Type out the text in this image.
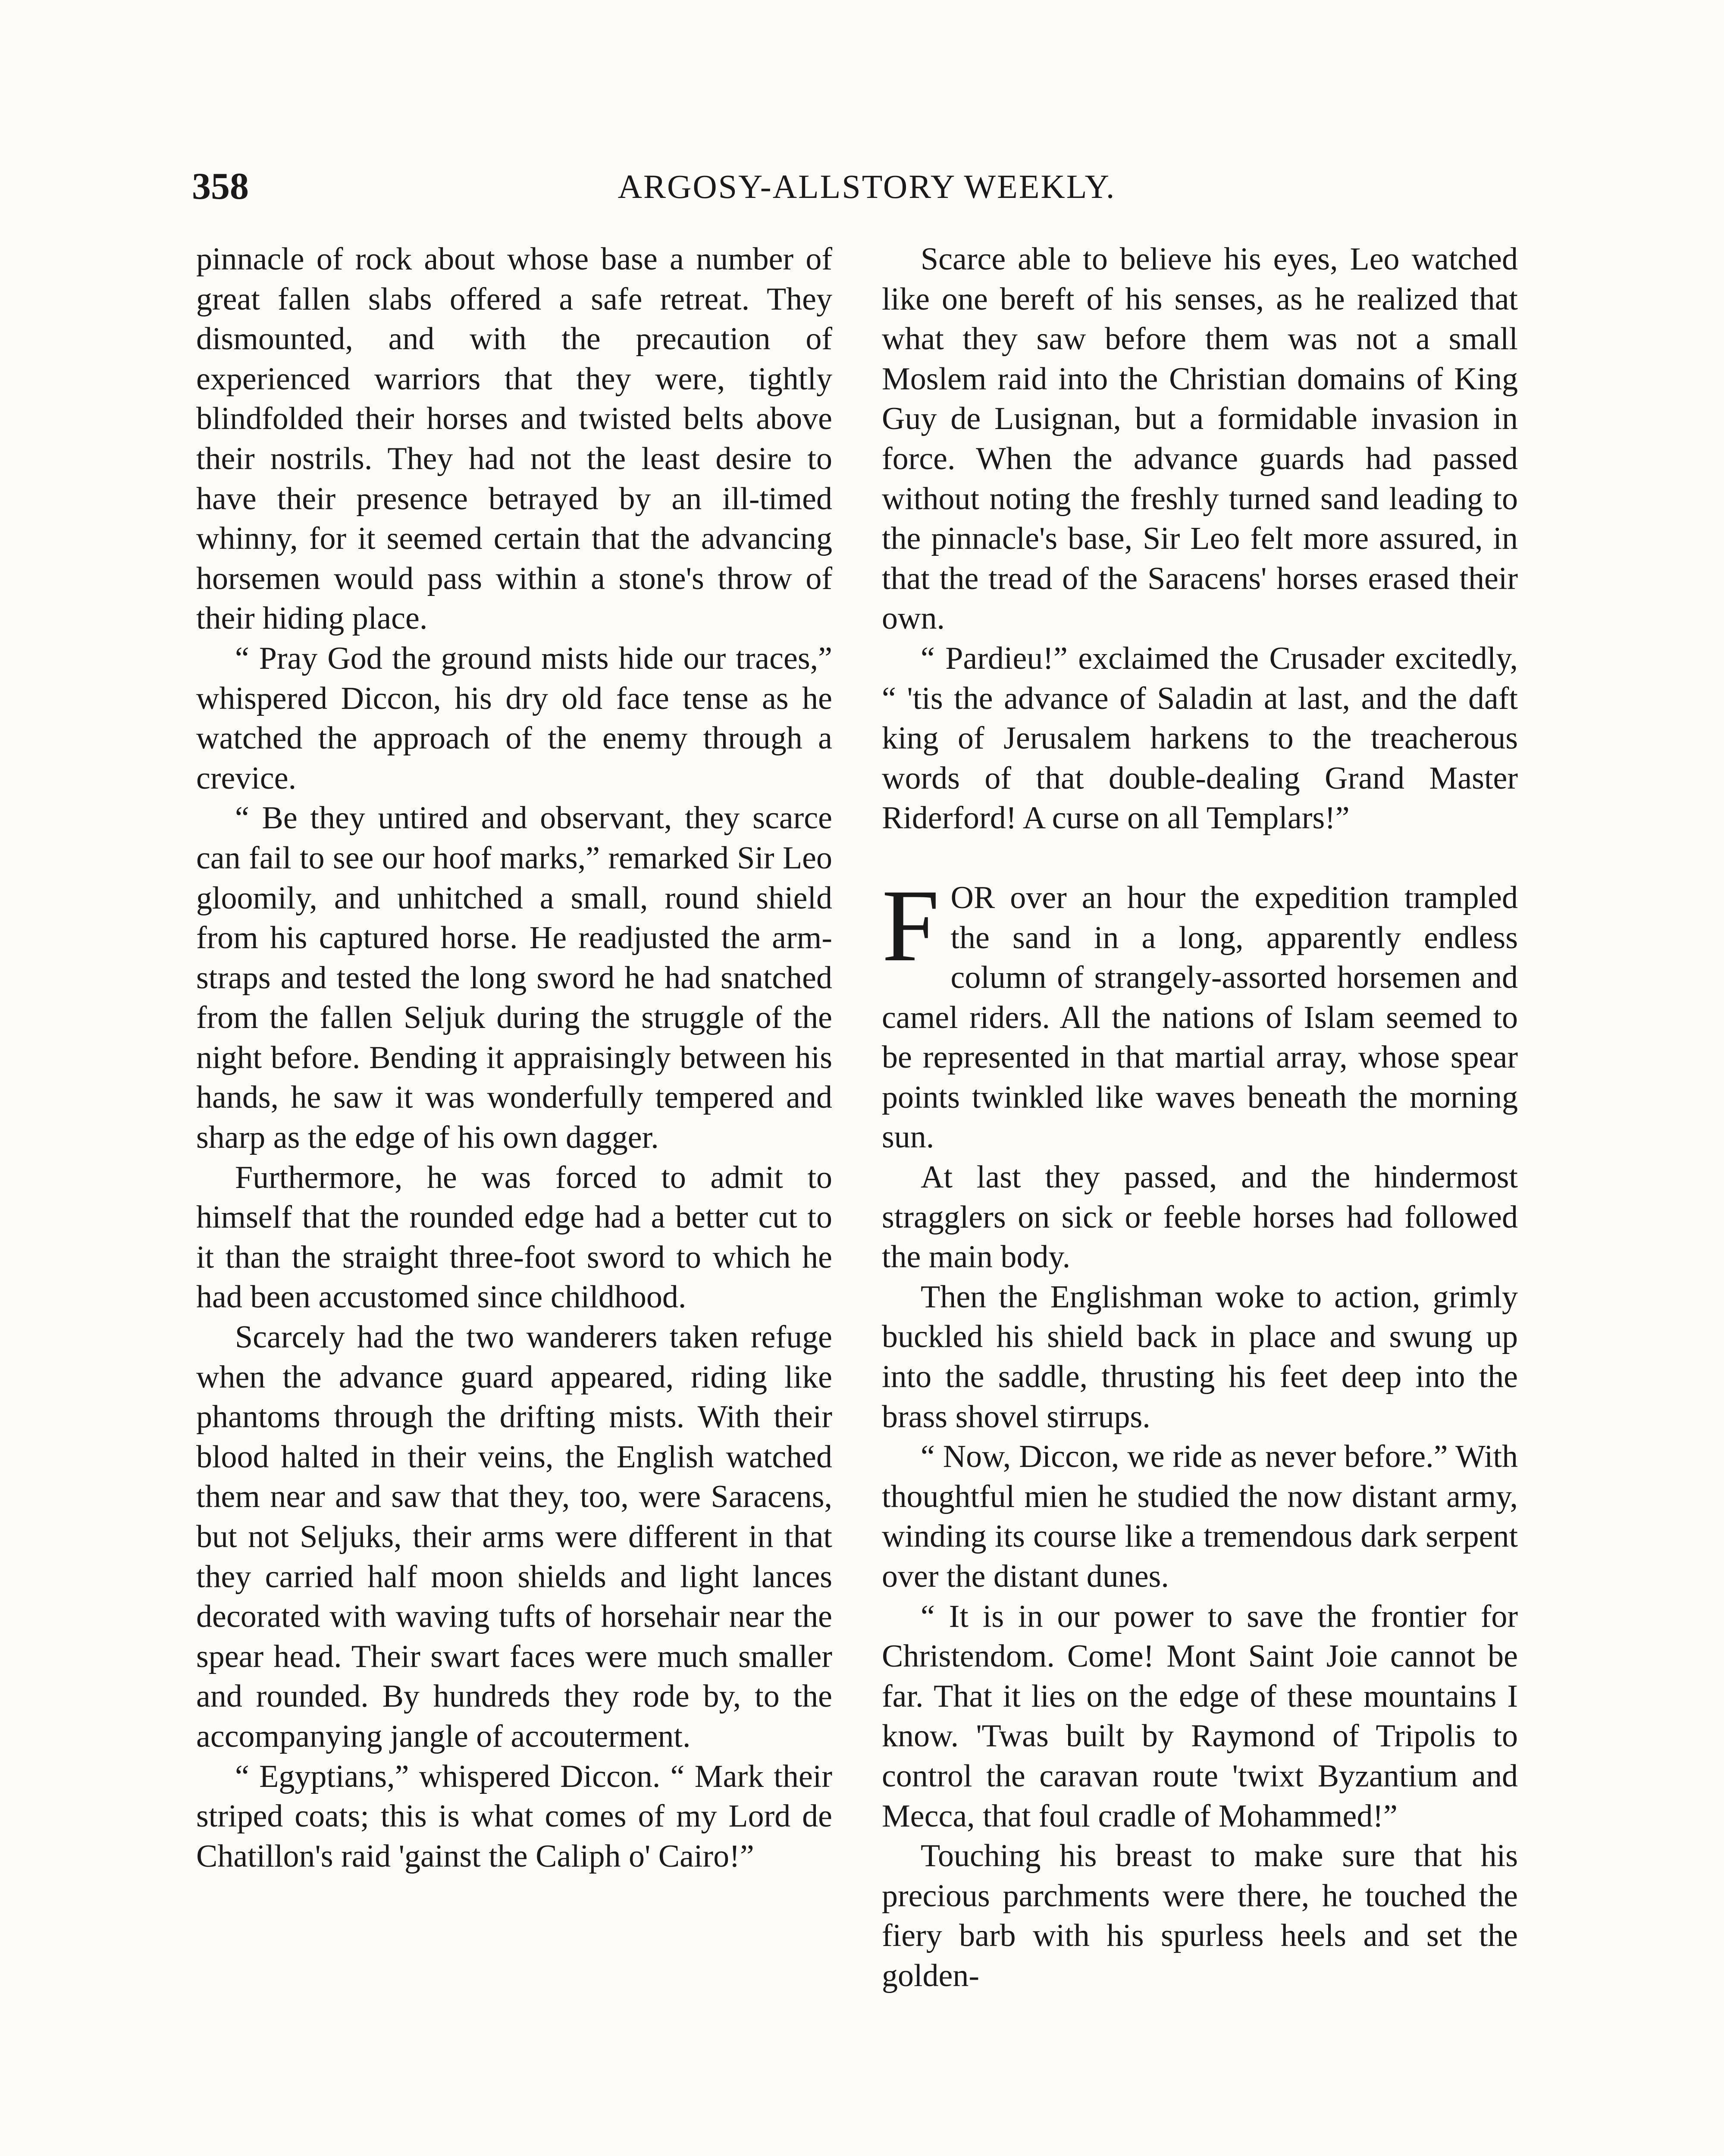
358	ARGOSY-ALLSTORY WEEKLY.

pinnacle of rock about whose base a number of great fallen slabs offered a safe retreat. They dismounted, and with the precaution of experienced warriors that they were, tightly blindfolded their horses and twisted belts above their nostrils. They had not the least desire to have their presence betrayed by an ill-timed whinny, for it seemed certain that the advancing horsemen would pass within a stone's throw of their hiding place.

“ Pray God the ground mists hide our traces,” whispered Diccon, his dry old face tense as he watched the approach of the enemy through a crevice.

“ Be they untired and observant, they scarce can fail to see our hoof marks,” remarked Sir Leo gloomily, and unhitched a small, round shield from his captured horse. He readjusted the arm-straps and tested the long sword he had snatched from the fallen Seljuk during the struggle of the night before. Bending it appraisingly between his hands, he saw it was wonderfully tempered and sharp as the edge of his own dagger.

Furthermore, he was forced to admit to himself that the rounded edge had a better cut to it than the straight three-foot sword to which he had been accustomed since childhood.

Scarcely had the two wanderers taken refuge when the advance guard appeared, riding like phantoms through the drifting mists. With their blood halted in their veins, the English watched them near and saw that they, too, were Saracens, but not Seljuks, their arms were different in that they carried half moon shields and light lances decorated with waving tufts of horsehair near the spear head. Their swart faces were much smaller and rounded. By hundreds they rode by, to the accompanying jangle of accouterment.

“ Egyptians,” whispered Diccon. “ Mark their striped coats; this is what comes of my Lord de Chatillon's raid 'gainst the Caliph o' Cairo!”

Scarce able to believe his eyes, Leo watched like one bereft of his senses, as he realized that what they saw before them was not a small Moslem raid into the Christian domains of King Guy de Lusignan, but a formidable invasion in force. When the advance guards had passed without noting the freshly turned sand leading to the pinnacle's base, Sir Leo felt more assured, in that the tread of the Saracens' horses erased their own.

“ Pardieu!” exclaimed the Crusader excitedly, “ 'tis the advance of Saladin at last, and the daft king of Jerusalem harkens to the treacherous words of that double-dealing Grand Master Riderford! A curse on all Templars!”

FOR over an hour the expedition trampled the sand in a long, apparently endless column of strangely-assorted horsemen and camel riders. All the nations of Islam seemed to be represented in that martial array, whose spear points twinkled like waves beneath the morning sun.

At last they passed, and the hindermost stragglers on sick or feeble horses had followed the main body.

Then the Englishman woke to action, grimly buckled his shield back in place and swung up into the saddle, thrusting his feet deep into the brass shovel stirrups.

“ Now, Diccon, we ride as never before.” With thoughtful mien he studied the now distant army, winding its course like a tremendous dark serpent over the distant dunes.

“ It is in our power to save the frontier for Christendom. Come! Mont Saint Joie cannot be far. That it lies on the edge of these mountains I know. 'Twas built by Raymond of Tripolis to control the caravan route 'twixt Byzantium and Mecca, that foul cradle of Mohammed!”

Touching his breast to make sure that his precious parchments were there, he touched the fiery barb with his spurless heels and set the golden-
